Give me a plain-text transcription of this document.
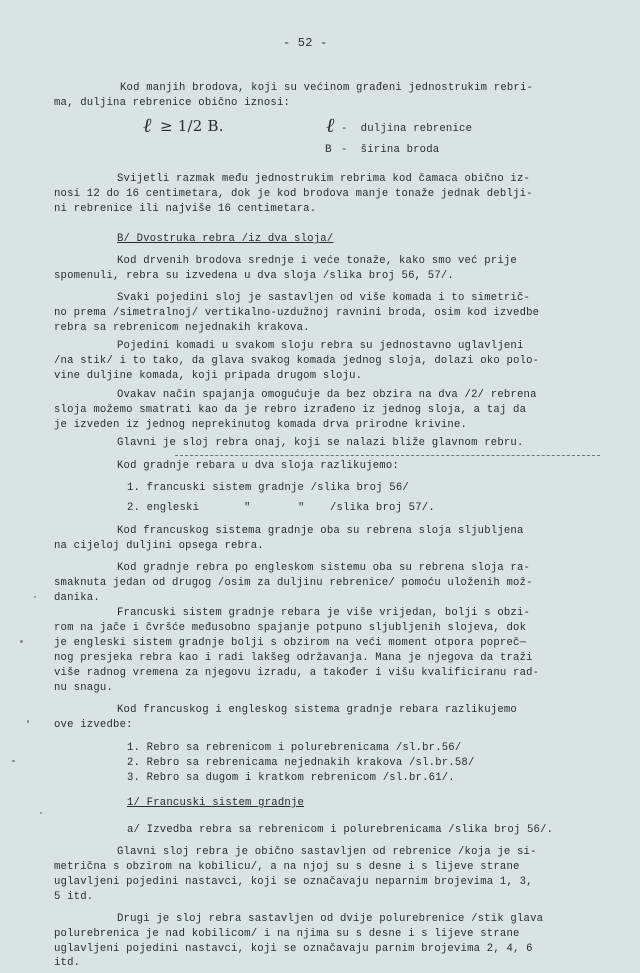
- 52 -
Kod manjih brodova, koji su većinom građeni jednostrukim rebri-
ma, duljina rebrenice obično iznosi:
ℓ ≥ 1/2 B.	ℓ -  duljina rebrenice
B -  širina broda
Svijetli razmak među jednostrukim rebrima kod čamaca obično iz-
nosi 12 do 16 centimetara, dok je kod brodova manje tonaže jednak deblji-
ni rebrenice ili najviše 16 centimetara.
B/ Dvostruka rebra /iz dva sloja/
Kod drvenih brodova srednje i veće tonaže, kako smo već prije
spomenuli, rebra su izvedena u dva sloja /slika broj 56, 57/.
Svaki pojedini sloj je sastavljen od više komada i to simetrič-
no prema /simetralnoj/ vertikalno-uzdužnoj ravnini broda, osim kod izvedbe
rebra sa rebrenicom nejednakih krakova.
Pojedini komadi u svakom sloju rebra su jednostavno uglavljeni
/na stik/ i to tako, da glava svakog komada jednog sloja, dolazi oko polo-
vine duljine komada, koji pripada drugom sloju.
Ovakav način spajanja omogućuje da bez obzira na dva /2/ rebrena
sloja možemo smatrati kao da je rebro izrađeno iz jednog sloja, a taj da
je izveden iz jednog neprekinutog komada drva prirodne krivine.
Glavni je sloj rebra onaj, koji se nalazi bliže glavnom rebru.
Kod gradnje rebara u dva sloja razlikujemo:
1. francuski sistem gradnje /slika broj 56/
2. engleski	"	" /slika broj 57/.
Kod francuskog sistema gradnje oba su rebrena sloja sljubljena
na cijeloj duljini opsega rebra.
Kod gradnje rebra po engleskom sistemu oba su rebrena sloja ra-
smaknuta jedan od drugog /osim za duljinu rebrenice/ pomoću uloženih mož-
danika.
Francuski sistem gradnje rebara je više vrijedan, bolji s obzi-
rom na jače i čvršće međusobno spajanje potpuno sljubljenih slojeva, dok
je engleski sistem gradnje bolji s obzirom na veći moment otpora popreč─
nog presjeka rebra kao i radi lakšeg održavanja. Mana je njegova da traži
više radnog vremena za njegovu izradu, a također i višu kvalificiranu rad-
nu snagu.
Kod francuskog i engleskog sistema gradnje rebara razlikujemo
ove izvedbe:
1. Rebro sa rebrenicom i polurebrenicama /sl.br.56/
2. Rebro sa rebrenicama nejednakih krakova /sl.br.58/
3. Rebro sa dugom i kratkom rebrenicom /sl.br.61/.
1/ Francuski sistem gradnje
a/ Izvedba rebra sa rebrenicom i polurebrenicama /slika broj 56/.
Glavni sloj rebra je obično sastavljen od rebrenice /koja je si-
metrična s obzirom na kobilicu/, a na njoj su s desne i s lijeve strane
uglavljeni pojedini nastavci, koji se označavaju neparnim brojevima 1, 3,
5 itd.
Drugi je sloj rebra sastavljen od dvije polurebrenice /stik glava
polurebrenica je nad kobilicom/ i na njima su s desne i s lijeve strane
uglavljeni pojedini nastavci, koji se označavaju parnim brojevima 2, 4, 6
itd.
